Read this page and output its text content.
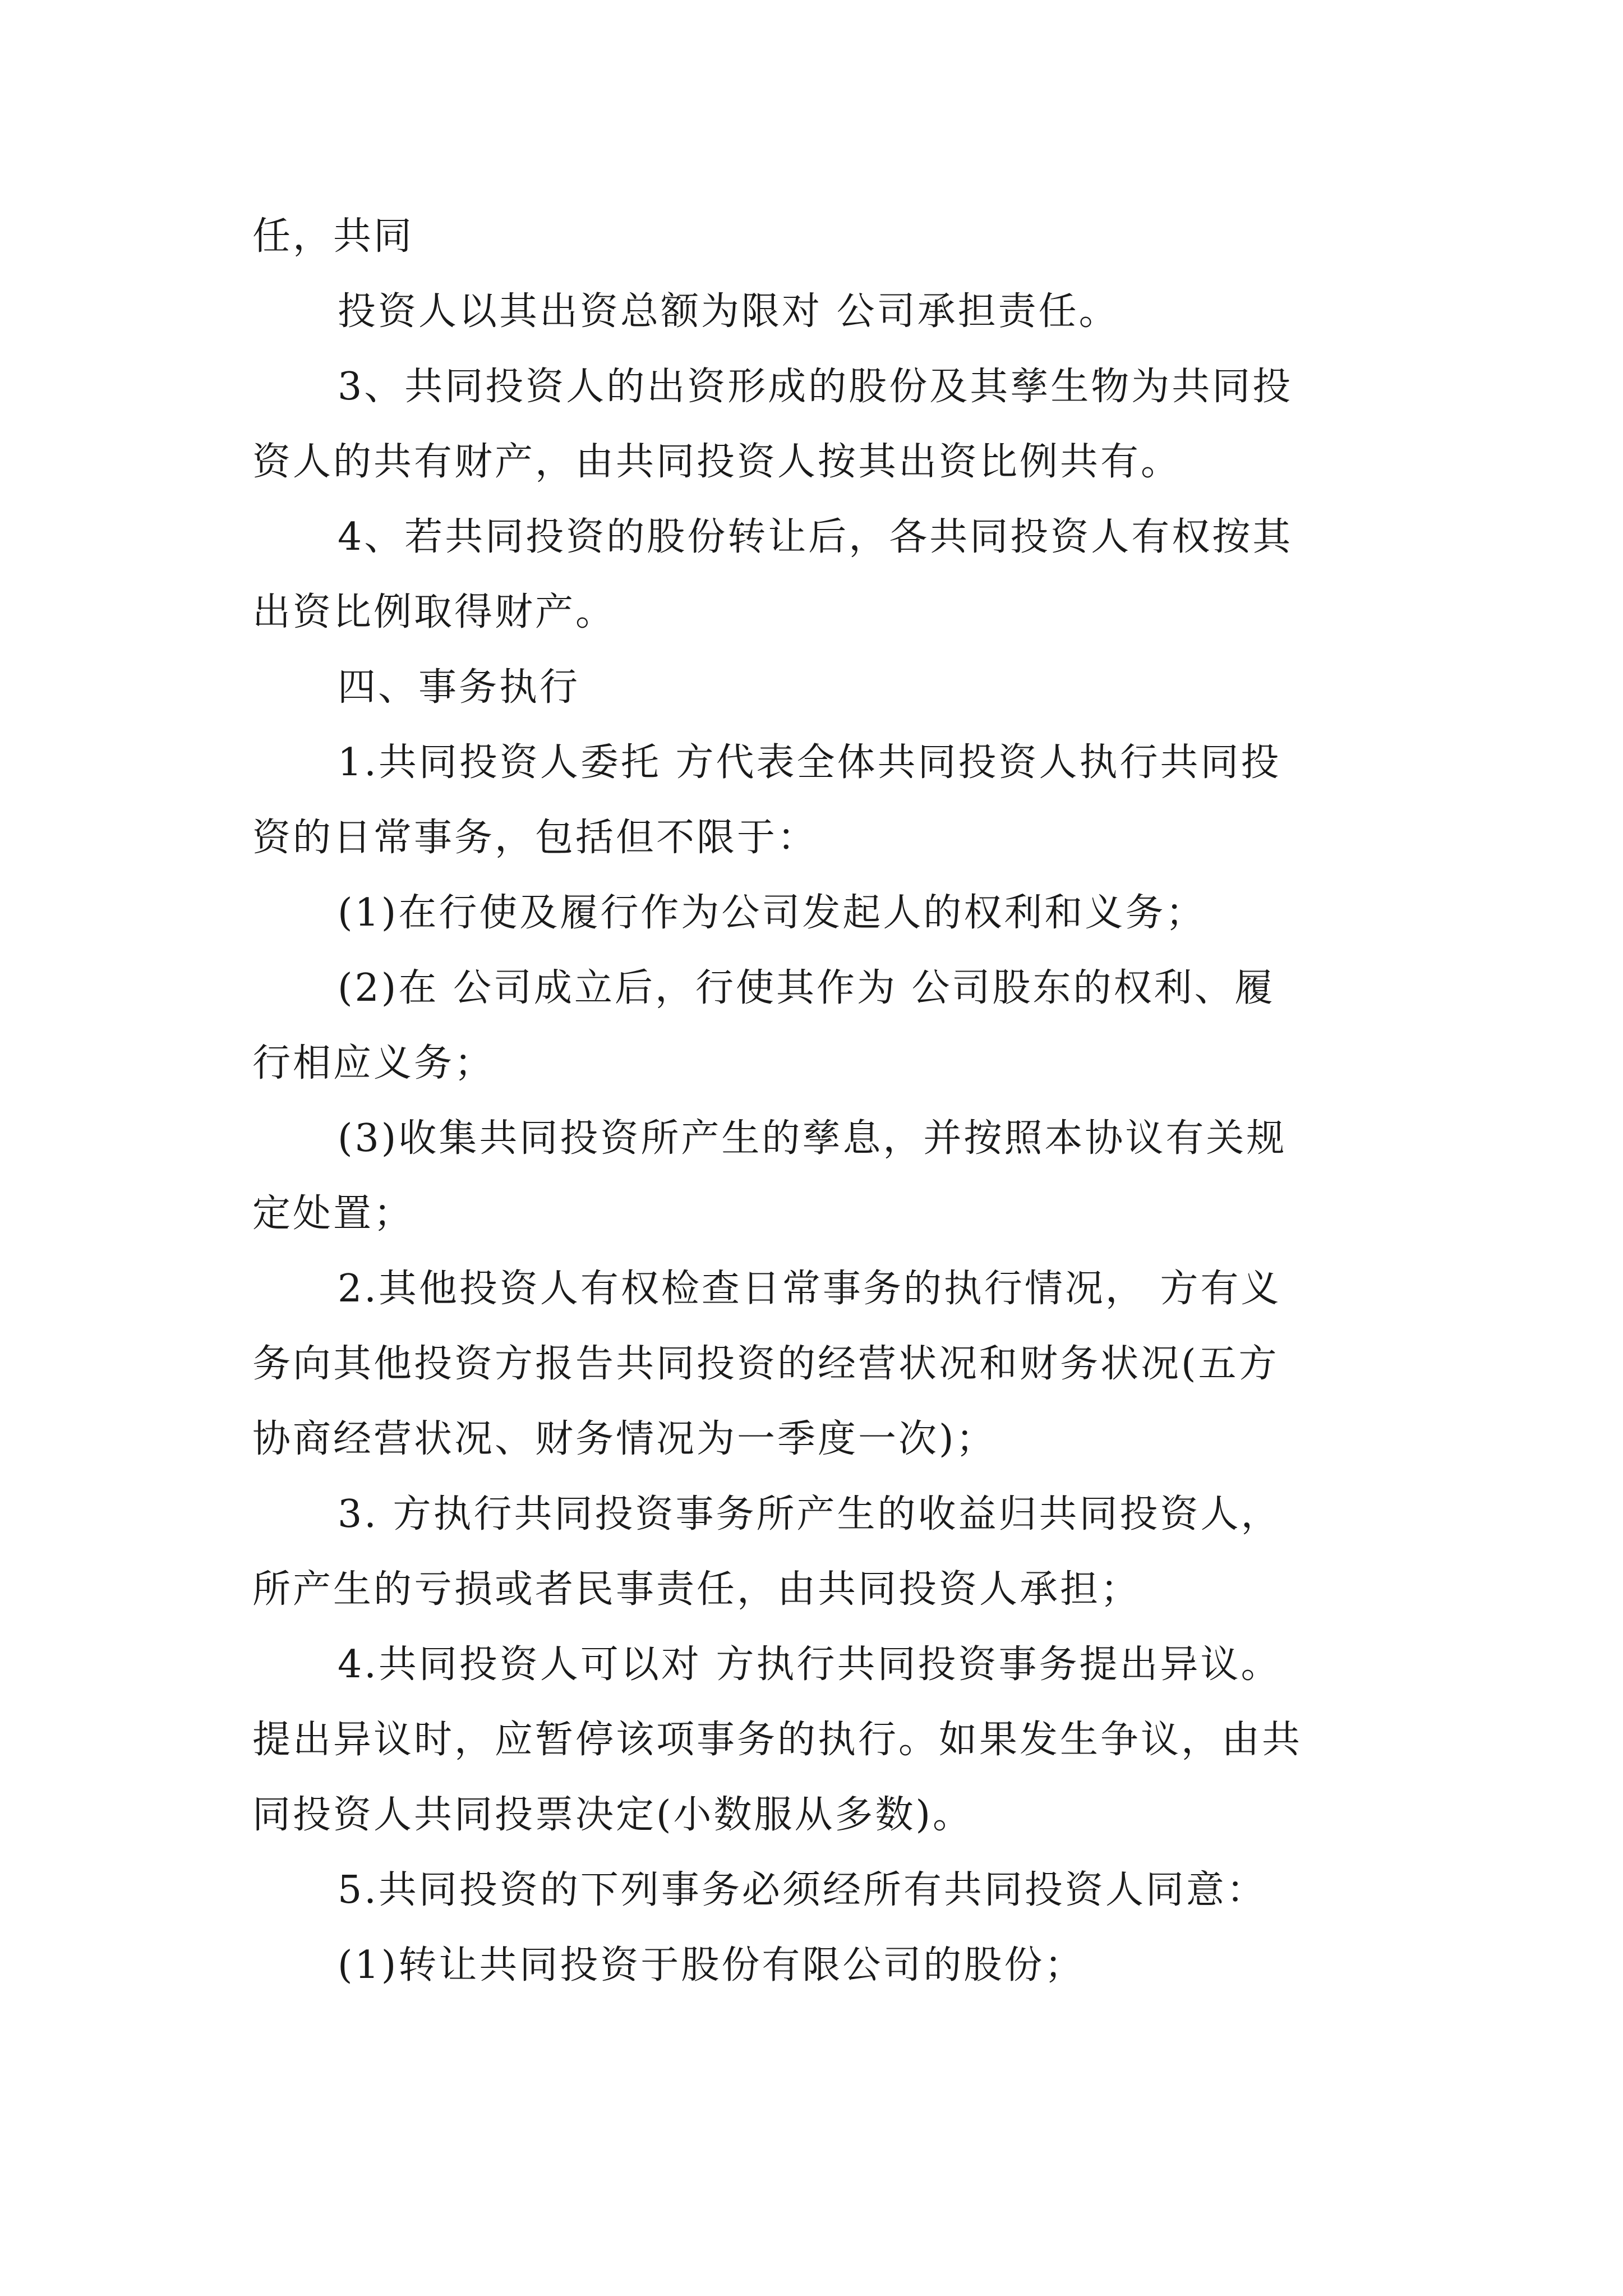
任，共同
投资人以其出资总额为限对 公司承担责任。
3、共同投资人的出资形成的股份及其孳生物为共同投
资人的共有财产，由共同投资人按其出资比例共有。
4、若共同投资的股份转让后，各共同投资人有权按其
出资比例取得财产。
四、事务执行
1.共同投资人委托 方代表全体共同投资人执行共同投
资的日常事务，包括但不限于：
(1)在行使及履行作为公司发起人的权利和义务；
(2)在 公司成立后，行使其作为 公司股东的权利、履
行相应义务；
(3)收集共同投资所产生的孳息，并按照本协议有关规
定处置；
2.其他投资人有权检查日常事务的执行情况， 方有义
务向其他投资方报告共同投资的经营状况和财务状况(五方
协商经营状况、财务情况为一季度一次)；
3. 方执行共同投资事务所产生的收益归共同投资人，
所产生的亏损或者民事责任，由共同投资人承担；
4.共同投资人可以对 方执行共同投资事务提出异议。
提出异议时，应暂停该项事务的执行。如果发生争议，由共
同投资人共同投票决定(小数服从多数)。
5.共同投资的下列事务必须经所有共同投资人同意：
(1)转让共同投资于股份有限公司的股份；
